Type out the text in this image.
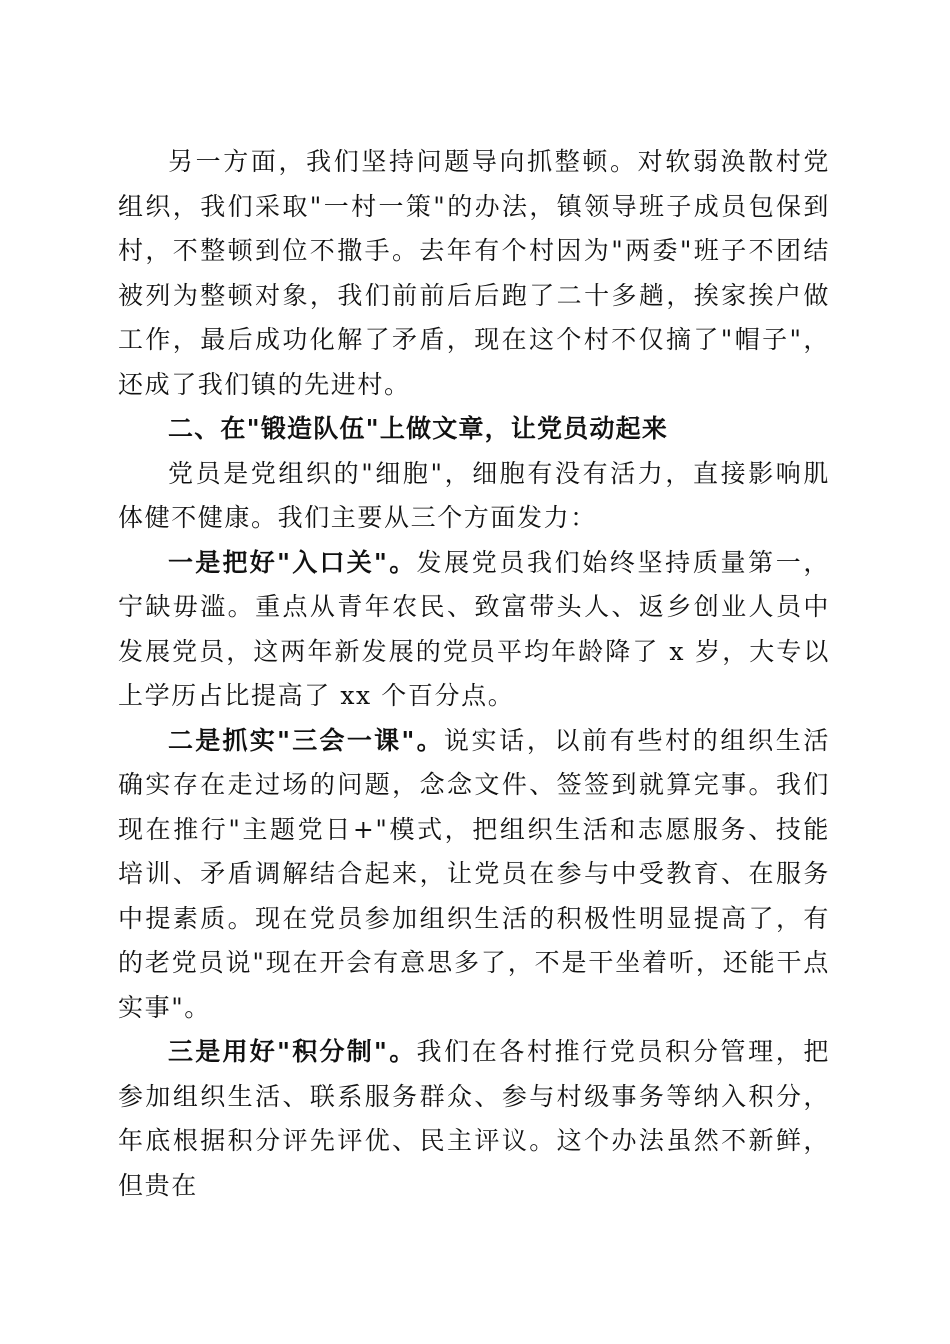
另一方面，我们坚持问题导向抓整顿。对软弱涣散村党组织，我们采取"一村一策"的办法，镇领导班子成员包保到村，不整顿到位不撒手。去年有个村因为"两委"班子不团结被列为整顿对象，我们前前后后跑了二十多趟，挨家挨户做工作，最后成功化解了矛盾，现在这个村不仅摘了"帽子"，还成了我们镇的先进村。

二、在"锻造队伍"上做文章，让党员动起来

党员是党组织的"细胞"，细胞有没有活力，直接影响肌体健不健康。我们主要从三个方面发力：

一是把好"入口关"。发展党员我们始终坚持质量第一，宁缺毋滥。重点从青年农民、致富带头人、返乡创业人员中发展党员，这两年新发展的党员平均年龄降了 x 岁，大专以上学历占比提高了 xx 个百分点。

二是抓实"三会一课"。说实话，以前有些村的组织生活确实存在走过场的问题，念念文件、签签到就算完事。我们现在推行"主题党日+"模式，把组织生活和志愿服务、技能培训、矛盾调解结合起来，让党员在参与中受教育、在服务中提素质。现在党员参加组织生活的积极性明显提高了，有的老党员说"现在开会有意思多了，不是干坐着听，还能干点实事"。

三是用好"积分制"。我们在各村推行党员积分管理，把参加组织生活、联系服务群众、参与村级事务等纳入积分，年底根据积分评先评优、民主评议。这个办法虽然不新鲜，但贵在
